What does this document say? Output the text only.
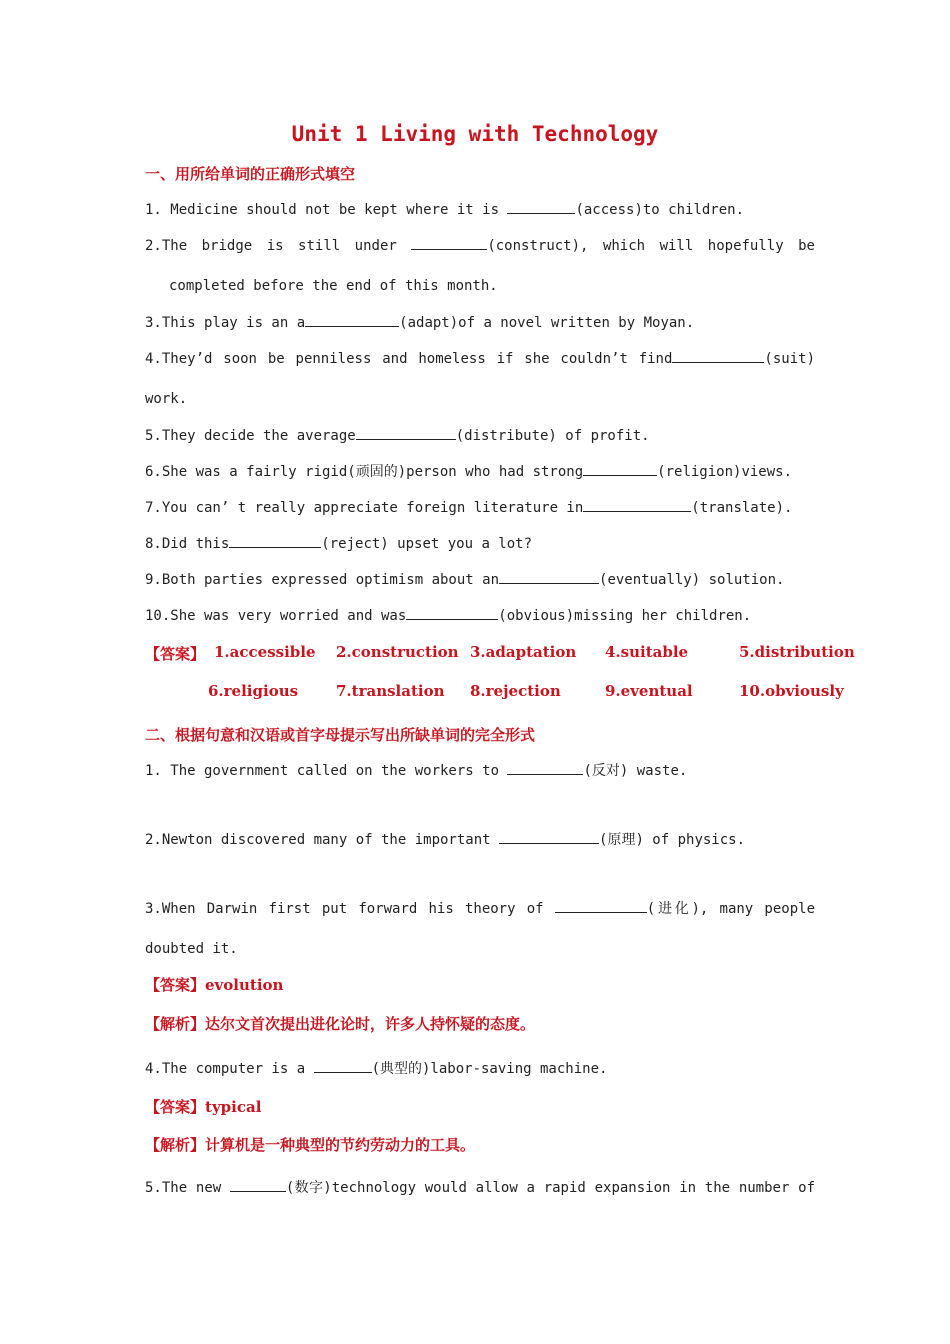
Unit 1 Living with Technology
一、用所给单词的正确形式填空
1. Medicine should not be kept where it is	(access)to children.
2.The bridge is still under	(construct), which will hopefully be
completed before the end of this month.
3.This play is an a	(adapt)of a novel written by Moyan.
4.They’d soon be penniless and homeless if she couldn’t find	(suit)
work.
5.They decide the average	(distribute) of profit.
6.She was a fairly rigid(顽固的)person who had strong	(religion)views.
7.You can’ t really appreciate foreign literature in	(translate).
8.Did this	(reject) upset you a lot?
9.Both parties expressed optimism about an	(eventually) solution.
10.She was very worried and was	(obvious)missing her children.
【答案】 1.accessible 2.construction 3.adaptation 4.suitable	5.distribution
6.religious	7.translation 8.rejection	9.eventual	10.obviously
二、根据句意和汉语或首字母提示写出所缺单词的完全形式
1. The government called on the workers to	(反对) waste.
2.Newton discovered many of the important	(原理) of physics.
3.When Darwin first put forward his theory of	(进化), many people
doubted it.
【答案】evolution
【解析】达尔文首次提出进化论时，许多人持怀疑的态度。
4.The computer is a	(典型的)labor-saving machine.
【答案】typical
【解析】计算机是一种典型的节约劳动力的工具。
5.The new	(数字)technology would allow a rapid expansion in the number of
